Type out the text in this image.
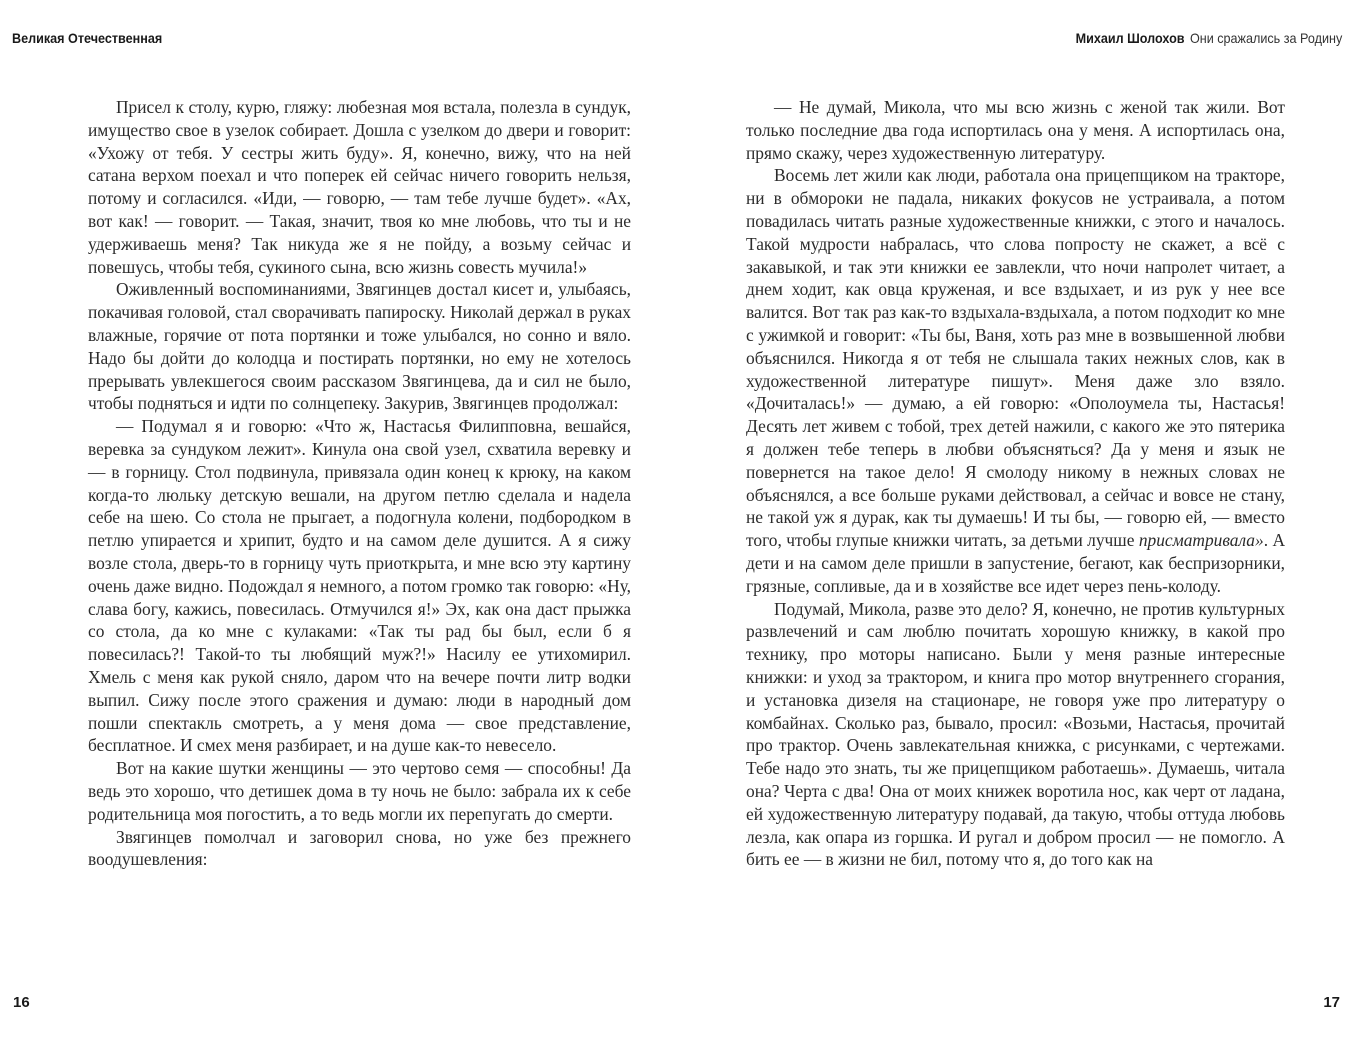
Великая Отечественная	Михаил Шолохов Они сражались за Родину

Присел к столу, курю, гляжу: любезная моя встала, полезла в сундук, имущество свое в узелок собирает. Дошла с узелком до двери и говорит: «Ухожу от тебя. У сестры жить буду». Я, конечно, вижу, что на ней сатана верхом поехал и что поперек ей сейчас ничего говорить нельзя, потому и согласился. «Иди, — говорю, — там тебе лучше будет». «Ах, вот как! — говорит. — Такая, значит, твоя ко мне любовь, что ты и не удерживаешь меня? Так никуда же я не пойду, а возьму сейчас и повешусь, чтобы тебя, сукиного сына, всю жизнь совесть мучила!»

Оживленный воспоминаниями, Звягинцев достал кисет и, улыбаясь, покачивая головой, стал сворачивать папироску. Николай держал в руках влажные, горячие от пота портянки и тоже улыбался, но сонно и вяло. Надо бы дойти до колодца и постирать портянки, но ему не хотелось прерывать увлекшегося своим рассказом Звягинцева, да и сил не было, чтобы подняться и идти по солнцепеку. Закурив, Звягинцев продолжал:

— Подумал я и говорю: «Что ж, Настасья Филипповна, вешайся, веревка за сундуком лежит». Кинула она свой узел, схватила веревку и — в горницу. Стол подвинула, привязала один конец к крюку, на каком когда-то люльку детскую вешали, на другом петлю сделала и надела себе на шею. Со стола не прыгает, а подогнула колени, подбородком в петлю упирается и хрипит, будто и на самом деле душится. А я сижу возле стола, дверь-то в горницу чуть приоткрыта, и мне всю эту картину очень даже видно. Подождал я немного, а потом громко так говорю: «Ну, слава богу, кажись, повесилась. Отмучился я!» Эх, как она даст прыжка со стола, да ко мне с кулаками: «Так ты рад бы был, если б я повесилась?! Такой-то ты любящий муж?!» Насилу ее утихомирил. Хмель с меня как рукой сняло, даром что на вечере почти литр водки выпил. Сижу после этого сражения и думаю: люди в народный дом пошли спектакль смотреть, а у меня дома — свое представление, бесплатное. И смех меня разбирает, и на душе как-то невесело.

Вот на какие шутки женщины — это чертово семя — способны! Да ведь это хорошо, что детишек дома в ту ночь не было: забрала их к себе родительница моя погостить, а то ведь могли их перепугать до смерти.

Звягинцев помолчал и заговорил снова, но уже без прежнего воодушевления:

— Не думай, Микола, что мы всю жизнь с женой так жили. Вот только последние два года испортилась она у меня. А испортилась она, прямо скажу, через художественную литературу.

Восемь лет жили как люди, работала она прицепщиком на тракторе, ни в обмороки не падала, никаких фокусов не устраивала, а потом повадилась читать разные художественные книжки, с этого и началось. Такой мудрости набралась, что слова попросту не скажет, а всё с закавыкой, и так эти книжки ее завлекли, что ночи напролет читает, а днем ходит, как овца круженая, и все вздыхает, и из рук у нее все валится. Вот так раз как-то вздыхала-вздыхала, а потом подходит ко мне с ужимкой и говорит: «Ты бы, Ваня, хоть раз мне в возвышенной любви объяснился. Никогда я от тебя не слышала таких нежных слов, как в художественной литературе пишут». Меня даже зло взяло. «Дочиталась!» — думаю, а ей говорю: «Ополоумела ты, Настасья! Десять лет живем с тобой, трех детей нажили, с какого же это пятерика я должен тебе теперь в любви объясняться? Да у меня и язык не повернется на такое дело! Я смолоду никому в нежных словах не объяснялся, а все больше руками действовал, а сейчас и вовсе не стану, не такой уж я дурак, как ты думаешь! И ты бы, — говорю ей, — вместо того, чтобы глупые книжки читать, за детьми лучше присматривала». А дети и на самом деле пришли в запустение, бегают, как беспризорники, грязные, сопливые, да и в хозяйстве все идет через пень-колоду.

Подумай, Микола, разве это дело? Я, конечно, не против культурных развлечений и сам люблю почитать хорошую книжку, в какой про технику, про моторы написано. Были у меня разные интересные книжки: и уход за трактором, и книга про мотор внутреннего сгорания, и установка дизеля на стационаре, не говоря уже про литературу о комбайнах. Сколько раз, бывало, просил: «Возьми, Настасья, прочитай про трактор. Очень завлекательная книжка, с рисунками, с чертежами. Тебе надо это знать, ты же прицепщиком работаешь». Думаешь, читала она? Черта с два! Она от моих книжек воротила нос, как черт от ладана, ей художественную литературу подавай, да такую, чтобы оттуда любовь лезла, как опара из горшка. И ругал и добром просил — не помогло. А бить ее — в жизни не бил, потому что я, до того как на

16	17
